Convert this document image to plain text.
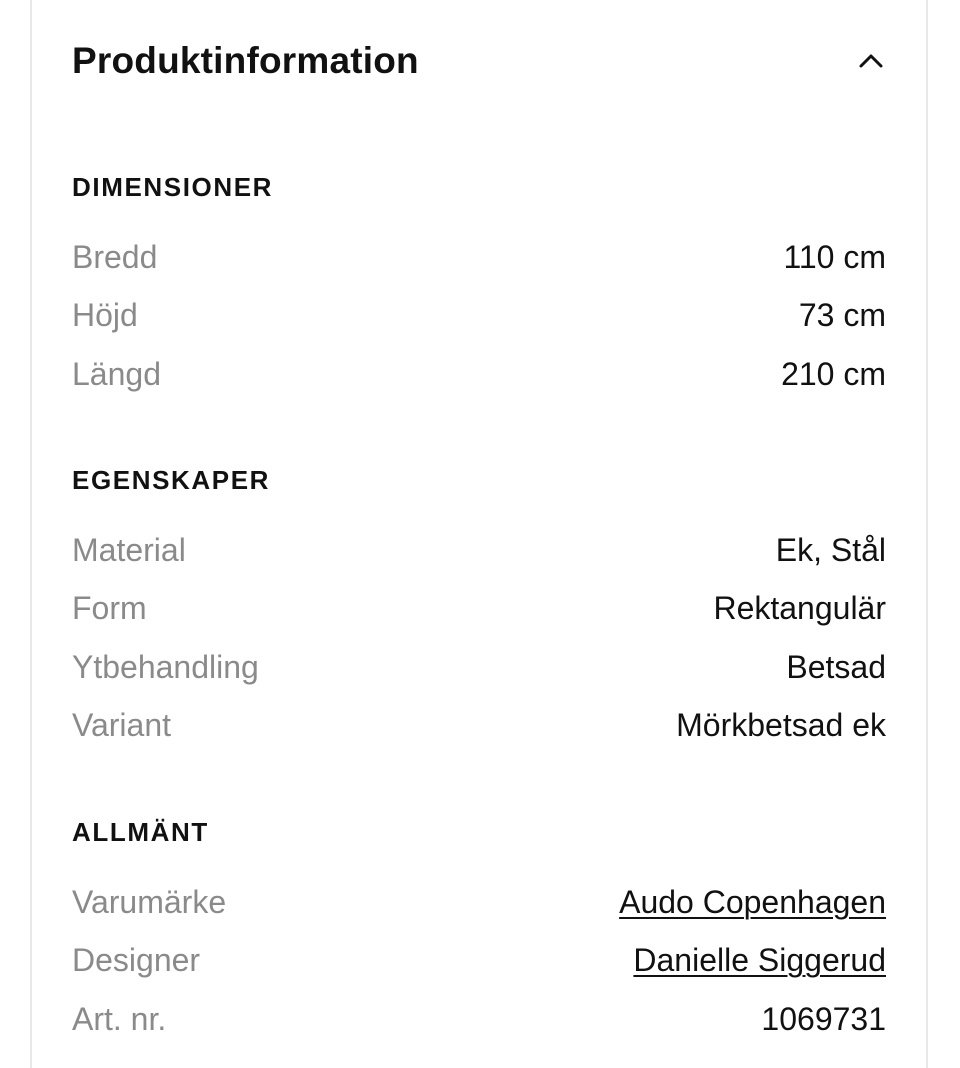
Produktinformation
DIMENSIONER
Bredd	110 cm
Höjd	73 cm
Längd	210 cm
EGENSKAPER
Material	Ek, Stål
Form	Rektangulär
Ytbehandling	Betsad
Variant	Mörkbetsad ek
ALLMÄNT
Varumärke	Audo Copenhagen
Designer	Danielle Siggerud
Art. nr.	1069731
